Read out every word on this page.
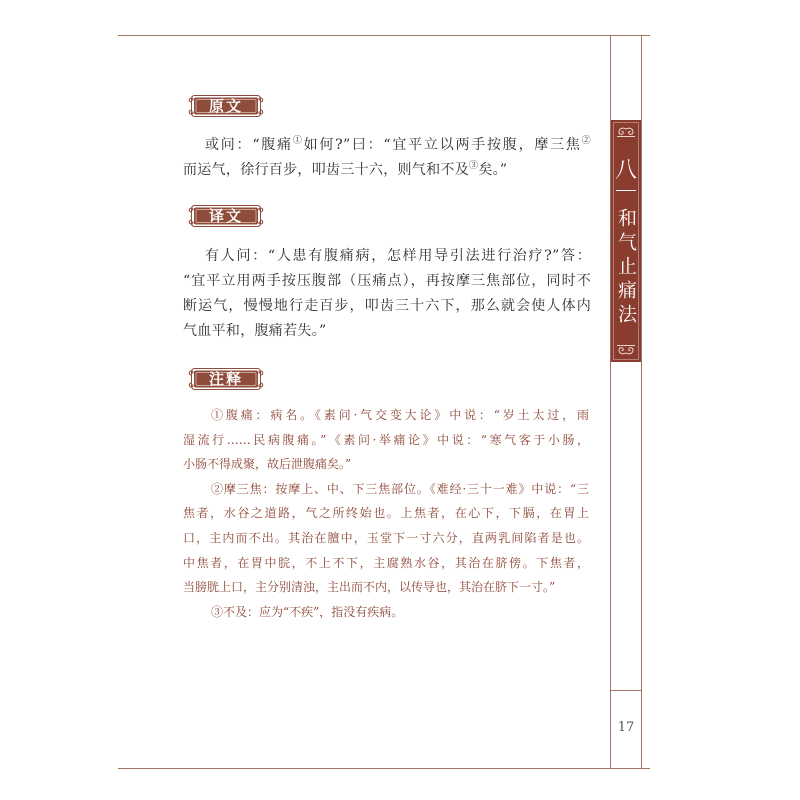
八
和气止痛法
17
原文
或问：“腹痛①如何?”曰：“宜平立以两手按腹，摩三焦②
而运气，徐行百步，叩齿三十六，则气和不及③矣。”
译文
有人问：“人患有腹痛病，怎样用导引法进行治疗?”答：
“宜平立用两手按压腹部（压痛点），再按摩三焦部位，同时不
断运气，慢慢地行走百步，叩齿三十六下，那么就会使人体内
气血平和，腹痛若失。”
注释
①腹痛：病名。《素问·气交变大论》中说：“岁土太过，雨
湿流行……民病腹痛。”《素问·举痛论》中说：“寒气客于小肠，
小肠不得成聚，故后泄腹痛矣。”
②摩三焦：按摩上、中、下三焦部位。《难经·三十一难》中说：“三
焦者，水谷之道路，气之所终始也。上焦者，在心下，下膈，在胃上
口，主内而不出。其治在膻中，玉堂下一寸六分，直两乳间陷者是也。
中焦者，在胃中脘，不上不下，主腐熟水谷，其治在脐傍。下焦者，
当膀胱上口，主分别清浊，主出而不内，以传导也，其治在脐下一寸。”
③不及：应为“不疾”，指没有疾病。
